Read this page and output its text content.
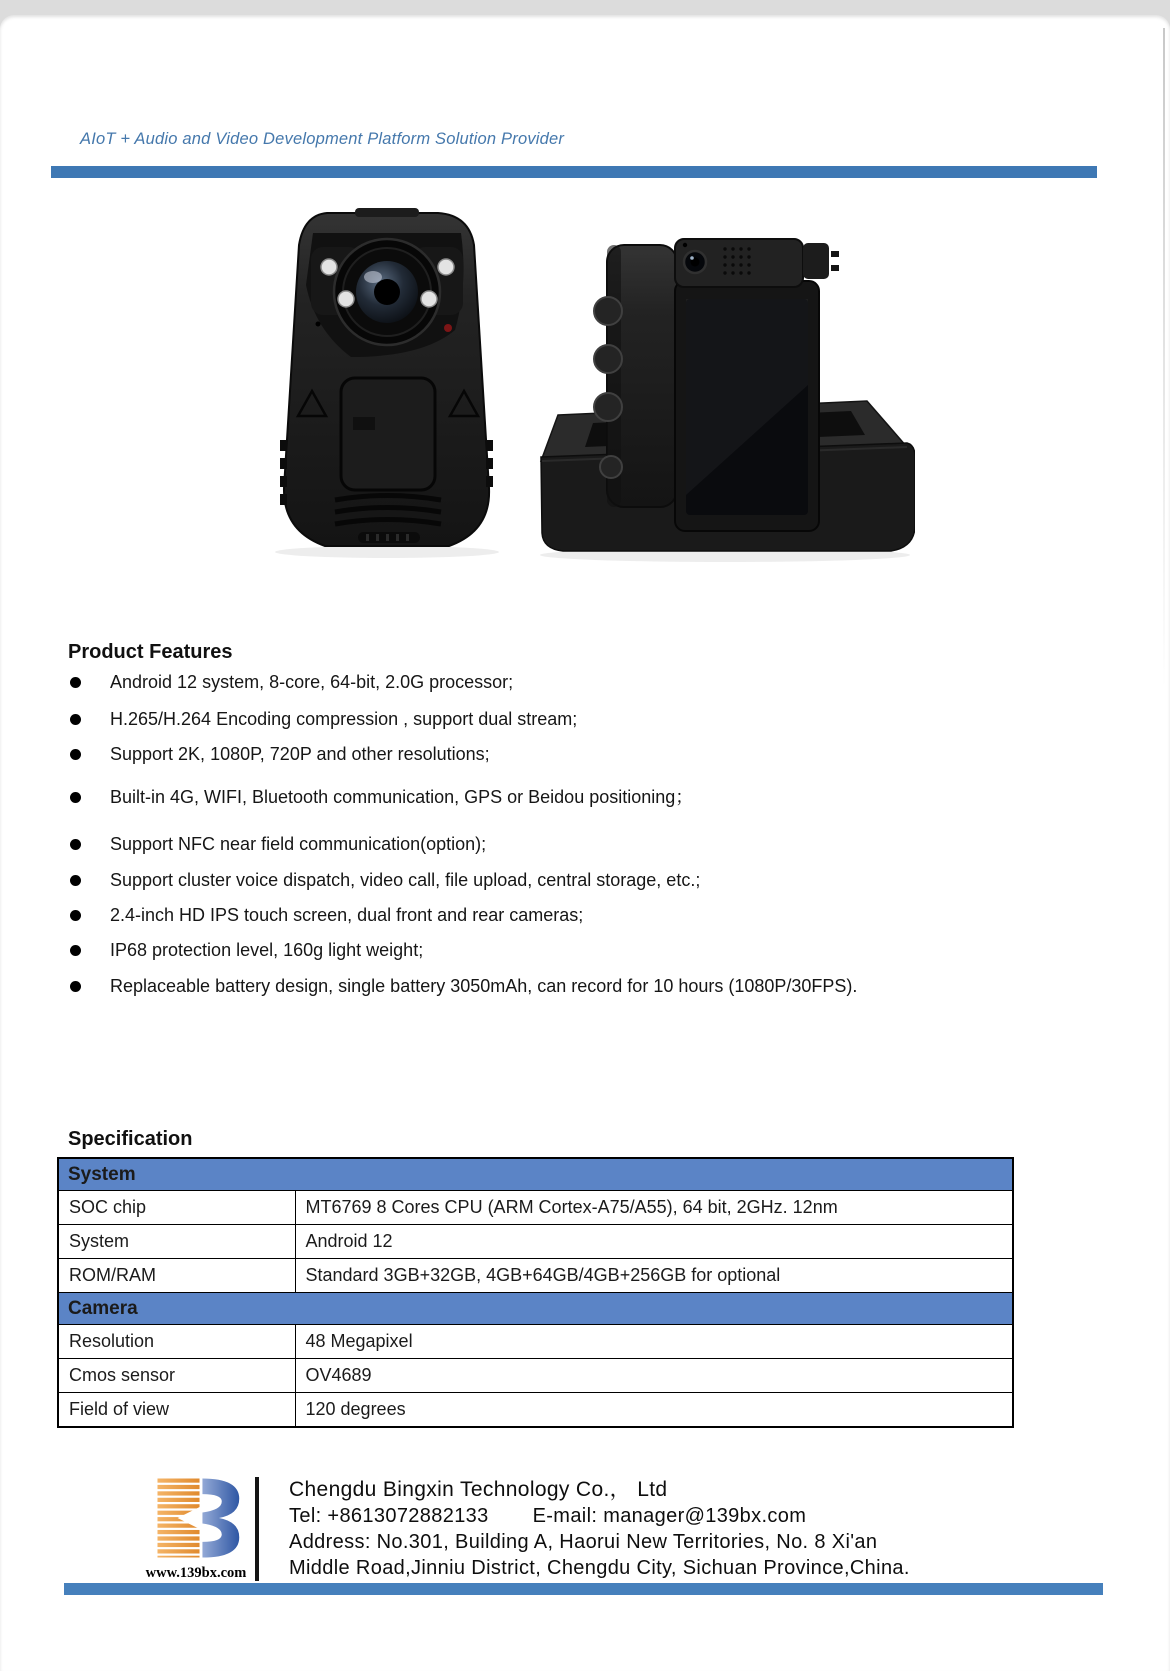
AIoT + Audio and Video Development Platform Solution Provider
Product Features
Android 12 system, 8-core, 64-bit, 2.0G processor;
H.265/H.264 Encoding compression , support dual stream;
Support 2K, 1080P, 720P and other resolutions;
Built-in 4G, WIFI, Bluetooth communication, GPS or Beidou positioning；
Support NFC near field communication(option);
Support cluster voice dispatch, video call, file upload, central storage, etc.;
2.4-inch HD IPS touch screen, dual front and rear cameras;
IP68 protection level, 160g light weight;
Replaceable battery design, single battery 3050mAh, can record for 10 hours (1080P/30FPS).
Specification
System	
SOC chip	MT6769 8 Cores CPU (ARM Cortex-A75/A55), 64 bit, 2GHz. 12nm
System	Android 12
ROM/RAM	Standard 3GB+32GB, 4GB+64GB/4GB+256GB for optional
Camera	
Resolution	48 Megapixel
Cmos sensor	OV4689
Field of view	120 degrees
www.139bx.com
Chengdu Bingxin Technology Co.， Ltd
Tel: +8613072882133 E-mail: manager@139bx.com
Address: No.301, Building A, Haorui New Territories, No. 8 Xi'an
Middle Road,Jinniu District, Chengdu City, Sichuan Province,China.
